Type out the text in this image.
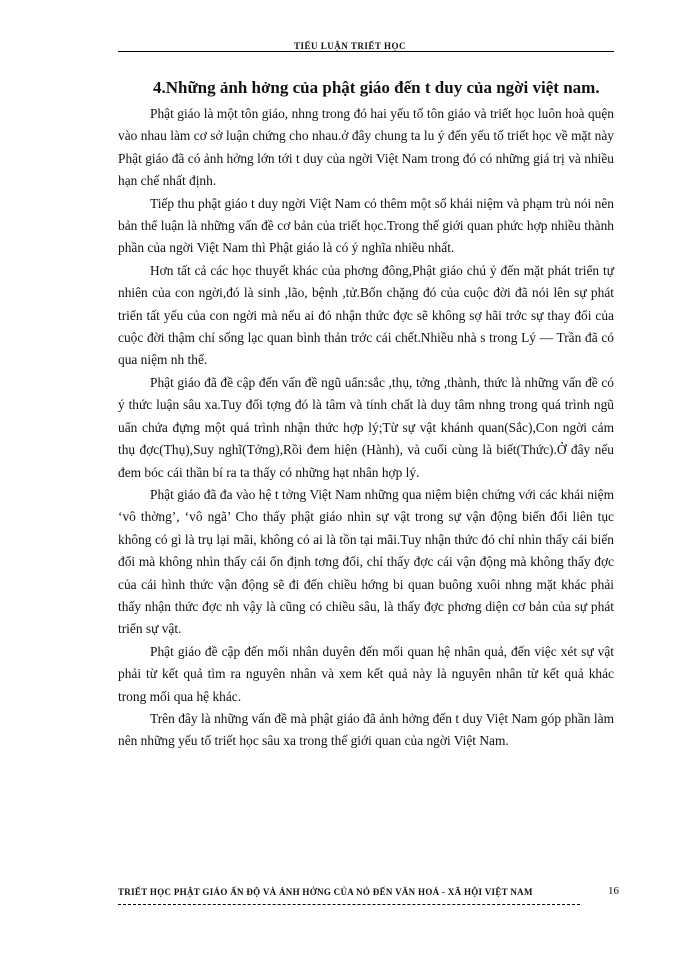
TIỂU LUẬN TRIẾT HỌC

4.Những ảnh hởng của phật giáo đến t duy của ngời việt nam.

Phật giáo là một tôn giáo, nhng trong đó hai yếu tố tôn giáo và triết học luôn hoà quện vào nhau làm cơ sở luận chứng cho nhau.ở đây chung ta lu ý đến yếu tố triết học về mặt này Phật giáo đã có ảnh hởng lớn tới t duy của ngời Việt Nam trong đó có những giá trị và nhiều hạn chế nhất định.

Tiếp thu phật giáo t duy ngời Việt Nam có thêm một số khái niệm và phạm trù nói nên bản thể luận là những vấn đề cơ bản của triết học.Trong thế giới quan phức hợp nhiều thành phần của ngời Việt Nam thì Phật giáo là có ý nghĩa nhiều nhất.

Hơn tất cả các học thuyết khác của phơng đông,Phật giáo chú ý đến mặt phát triển tự nhiên của con ngời,đó là sinh ,lão, bệnh ,tử.Bốn chặng đó của cuộc đời đã nói lên sự phát triển tất yếu của con ngời mà nếu ai đó nhận thức đợc sẽ không sợ hãi trớc sự thay đổi của cuộc đời thậm chí sống lạc quan bình thản trớc cái chết.Nhiều nhà s trong Lý — Trần đã có qua niệm nh thế.

Phật giáo đã đề cập đến vấn đề ngũ uẩn:sắc ,thụ, tởng ,thành, thức là những vấn đề có ý thức luận sâu xa.Tuy đối tợng đó là tâm và tính chất là duy tâm nhng trong quá trình ngũ uẩn chứa đựng một quá trình nhận thức hợp lý;Từ sự vật khánh quan(Sắc),Con ngời cảm thụ đợc(Thụ),Suy nghĩ(Tởng),Rồi đem hiện (Hành), và cuối cùng là biết(Thức).Ở đây nếu đem bóc cái thần bí ra ta thấy có những hạt nhân hợp lý.

Phật giáo đã đa vào hệ t tởng Việt Nam những qua niệm biện chứng với các khái niệm ‘vô thờng’, ‘vô ngã’ Cho thấy phật giáo nhìn sự vật trong sự vận động biến đổi liên tục không có gì là trụ lại mãi, không có ai là tồn tại mãi.Tuy nhận thức đó chỉ nhìn thấy cái biến đổi mà không nhìn thấy cái ổn định tơng đối, chỉ thấy đợc cái vận động mà không thấy đợc của cái hình thức vận động sẽ đi đến chiều hớng bi quan buông xuôi nhng mặt khác phải thấy nhận thức đợc nh vậy là cũng có chiều sâu, là thấy đợc phơng diện cơ bản của sự phát triển sự vật.

Phật giáo đề cập đến mối nhân duyên đến mối quan hệ nhân quả, đến việc xét sự vật phải từ kết quả tìm ra nguyên nhân và xem kết quả này là nguyên nhân từ kết quả khác trong mối qua hệ khác.

Trên đây là những vấn đề mà phật giáo đã ảnh hởng đến t duy Việt Nam góp phần làm nên những yếu tố triết học sâu xa trong thế giới quan của ngời Việt Nam.

TRIẾT HỌC PHẬT GIÁO ẤN ĐỘ VÀ ẢNH HỞNG CỦA NÓ ĐẾN VĂN HOÁ - XÃ HỘI VIỆT NAM	16
